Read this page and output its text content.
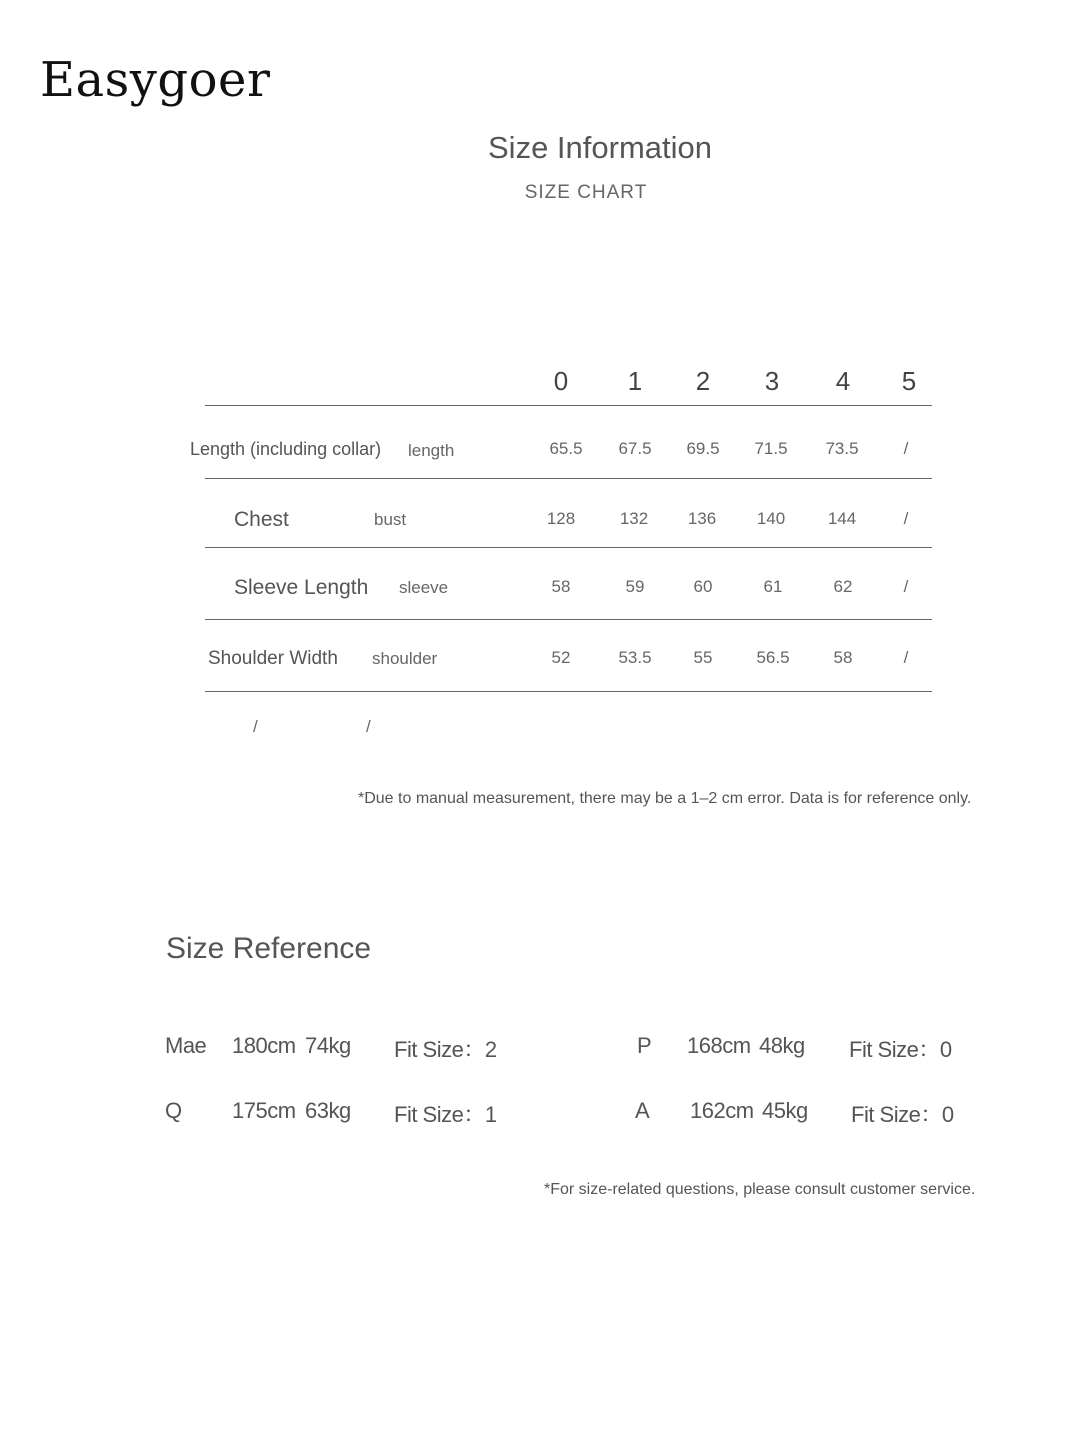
Easygoer
Size Information
SIZE CHART
0 1 2 3 4 5
Length (including collar) length	65.5 67.5 69.5 71.5 73.5	/
Chest	bust	128	132 136 140	144	/
Sleeve Length sleeve	58	59	60	61	62	/
Shoulder Width shoulder	52	53.5 55	56.5	58	/
/	/
*Due to manual measurement, there may be a 1–2 cm error. Data is for reference only.
Size Reference
Mae 180cm 74kg Fit Size：2	P 168cm 48kg Fit Size：0
Q 175cm 63kg Fit Size：1	A 162cm 45kg Fit Size：0
*For size-related questions, please consult customer service.
